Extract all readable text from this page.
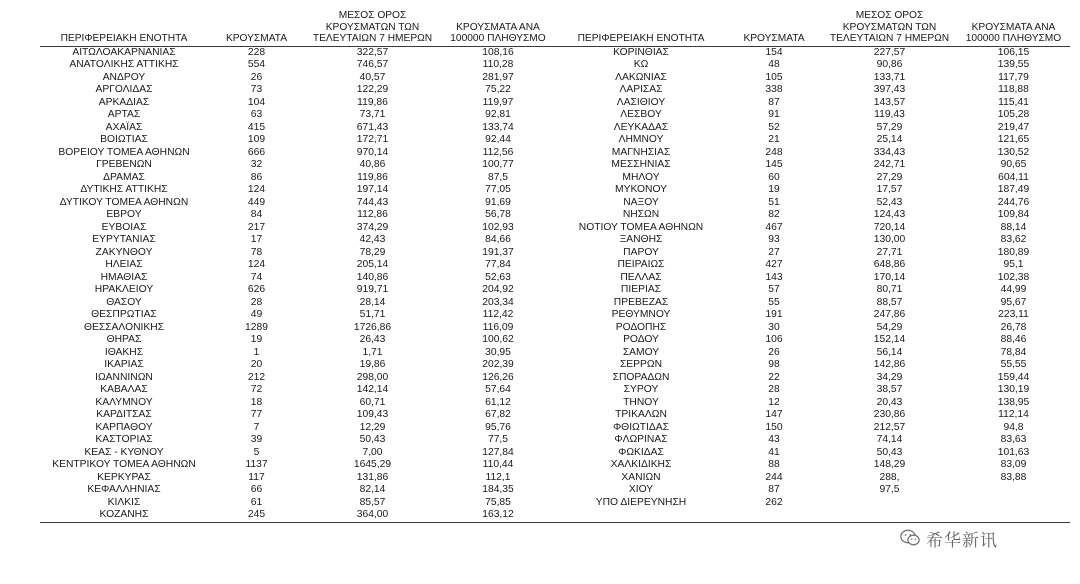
ΠΕΡΙΦΕΡΕΙΑΚΗ ΕΝΟΤΗΤΑ	ΚΡΟΥΣΜΑΤΑ	ΜΕΣΟΣ ΟΡΟΣ ΚΡΟΥΣΜΑΤΩΝ ΤΩΝ ΤΕΛΕΥΤΑΙΩΝ 7 ΗΜΕΡΩΝ	ΚΡΟΥΣΜΑΤΑ ΑΝΑ 100000 ΠΛΗΘΥΣΜΟ	ΠΕΡΙΦΕΡΕΙΑΚΗ ΕΝΟΤΗΤΑ	ΚΡΟΥΣΜΑΤΑ	ΜΕΣΟΣ ΟΡΟΣ ΚΡΟΥΣΜΑΤΩΝ ΤΩΝ ΤΕΛΕΥΤΑΙΩΝ 7 ΗΜΕΡΩΝ	ΚΡΟΥΣΜΑΤΑ ΑΝΑ 100000 ΠΛΗΘΥΣΜΟ
ΑΙΤΩΛΟΑΚΑΡΝΑΝΙΑΣ	228	322,57	108,16	ΚΟΡΙΝΘΙΑΣ	154	227,57	106,15
ΑΝΑΤΟΛΙΚΗΣ ΑΤΤΙΚΗΣ	554	746,57	110,28	ΚΩ	48	90,86	139,55
ΑΝΔΡΟΥ	26	40,57	281,97	ΛΑΚΩΝΙΑΣ	105	133,71	117,79
ΑΡΓΟΛΙΔΑΣ	73	122,29	75,22	ΛΑΡΙΣΑΣ	338	397,43	118,88
ΑΡΚΑΔΙΑΣ	104	119,86	119,97	ΛΑΣΙΘΙΟΥ	87	143,57	115,41
ΑΡΤΑΣ	63	73,71	92,81	ΛΕΣΒΟΥ	91	119,43	105,28
ΑΧΑΪΑΣ	415	671,43	133,74	ΛΕΥΚΑΔΑΣ	52	57,29	219,47
ΒΟΙΩΤΙΑΣ	109	172,71	92,44	ΛΗΜΝΟΥ	21	25,14	121,65
ΒΟΡΕΙΟΥ ΤΟΜΕΑ ΑΘΗΝΩΝ	666	970,14	112,56	ΜΑΓΝΗΣΙΑΣ	248	334,43	130,52
ΓΡΕΒΕΝΩΝ	32	40,86	100,77	ΜΕΣΣΗΝΙΑΣ	145	242,71	90,65
ΔΡΑΜΑΣ	86	119,86	87,5	ΜΗΛΟΥ	60	27,29	604,11
ΔΥΤΙΚΗΣ ΑΤΤΙΚΗΣ	124	197,14	77,05	ΜΥΚΟΝΟΥ	19	17,57	187,49
ΔΥΤΙΚΟΥ ΤΟΜΕΑ ΑΘΗΝΩΝ	449	744,43	91,69	ΝΑΞΟΥ	51	52,43	244,76
ΕΒΡΟΥ	84	112,86	56,78	ΝΗΣΩΝ	82	124,43	109,84
ΕΥΒΟΙΑΣ	217	374,29	102,93	ΝΟΤΙΟΥ ΤΟΜΕΑ ΑΘΗΝΩΝ	467	720,14	88,14
ΕΥΡΥΤΑΝΙΑΣ	17	42,43	84,66	ΞΑΝΘΗΣ	93	130,00	83,62
ΖΑΚΥΝΘΟΥ	78	78,29	191,37	ΠΑΡΟΥ	27	27,71	180,89
ΗΛΕΙΑΣ	124	205,14	77,84	ΠΕΙΡΑΙΩΣ	427	648,86	95,1
ΗΜΑΘΙΑΣ	74	140,86	52,63	ΠΕΛΛΑΣ	143	170,14	102,38
ΗΡΑΚΛΕΙΟΥ	626	919,71	204,92	ΠΙΕΡΙΑΣ	57	80,71	44,99
ΘΑΣΟΥ	28	28,14	203,34	ΠΡΕΒΕΖΑΣ	55	88,57	95,67
ΘΕΣΠΡΩΤΙΑΣ	49	51,71	112,42	ΡΕΘΥΜΝΟΥ	191	247,86	223,11
ΘΕΣΣΑΛΟΝΙΚΗΣ	1289	1726,86	116,09	ΡΟΔΟΠΗΣ	30	54,29	26,78
ΘΗΡΑΣ	19	26,43	100,62	ΡΟΔΟΥ	106	152,14	88,46
ΙΘΑΚΗΣ	1	1,71	30,95	ΣΑΜΟΥ	26	56,14	78,84
ΙΚΑΡΙΑΣ	20	19,86	202,39	ΣΕΡΡΩΝ	98	142,86	55,55
ΙΩΑΝΝΙΝΩΝ	212	298,00	126,26	ΣΠΟΡΑΔΩΝ	22	34,29	159,44
ΚΑΒΑΛΑΣ	72	142,14	57,64	ΣΥΡΟΥ	28	38,57	130,19
ΚΑΛΥΜΝΟΥ	18	60,71	61,12	ΤΗΝΟΥ	12	20,43	138,95
ΚΑΡΔΙΤΣΑΣ	77	109,43	67,82	ΤΡΙΚΑΛΩΝ	147	230,86	112,14
ΚΑΡΠΑΘΟΥ	7	12,29	95,76	ΦΘΙΩΤΙΔΑΣ	150	212,57	94,8
ΚΑΣΤΟΡΙΑΣ	39	50,43	77,5	ΦΛΩΡΙΝΑΣ	43	74,14	83,63
ΚΕΑΣ - ΚΥΘΝΟΥ	5	7,00	127,84	ΦΩΚΙΔΑΣ	41	50,43	101,63
ΚΕΝΤΡΙΚΟΥ ΤΟΜΕΑ ΑΘΗΝΩΝ	1137	1645,29	110,44	ΧΑΛΚΙΔΙΚΗΣ	88	148,29	83,09
ΚΕΡΚΥΡΑΣ	117	131,86	112,1	ΧΑΝΙΩΝ	244	288,	83,88
ΚΕΦΑΛΛΗΝΙΑΣ	66	82,14	184,35	ΧΙΟΥ	87	97,5	
ΚΙΛΚΙΣ	61	85,57	75,85	ΥΠΟ ΔΙΕΡΕΥΝΗΣΗ	262		
ΚΟΖΑΝΗΣ	245	364,00	163,12				
希华新讯
